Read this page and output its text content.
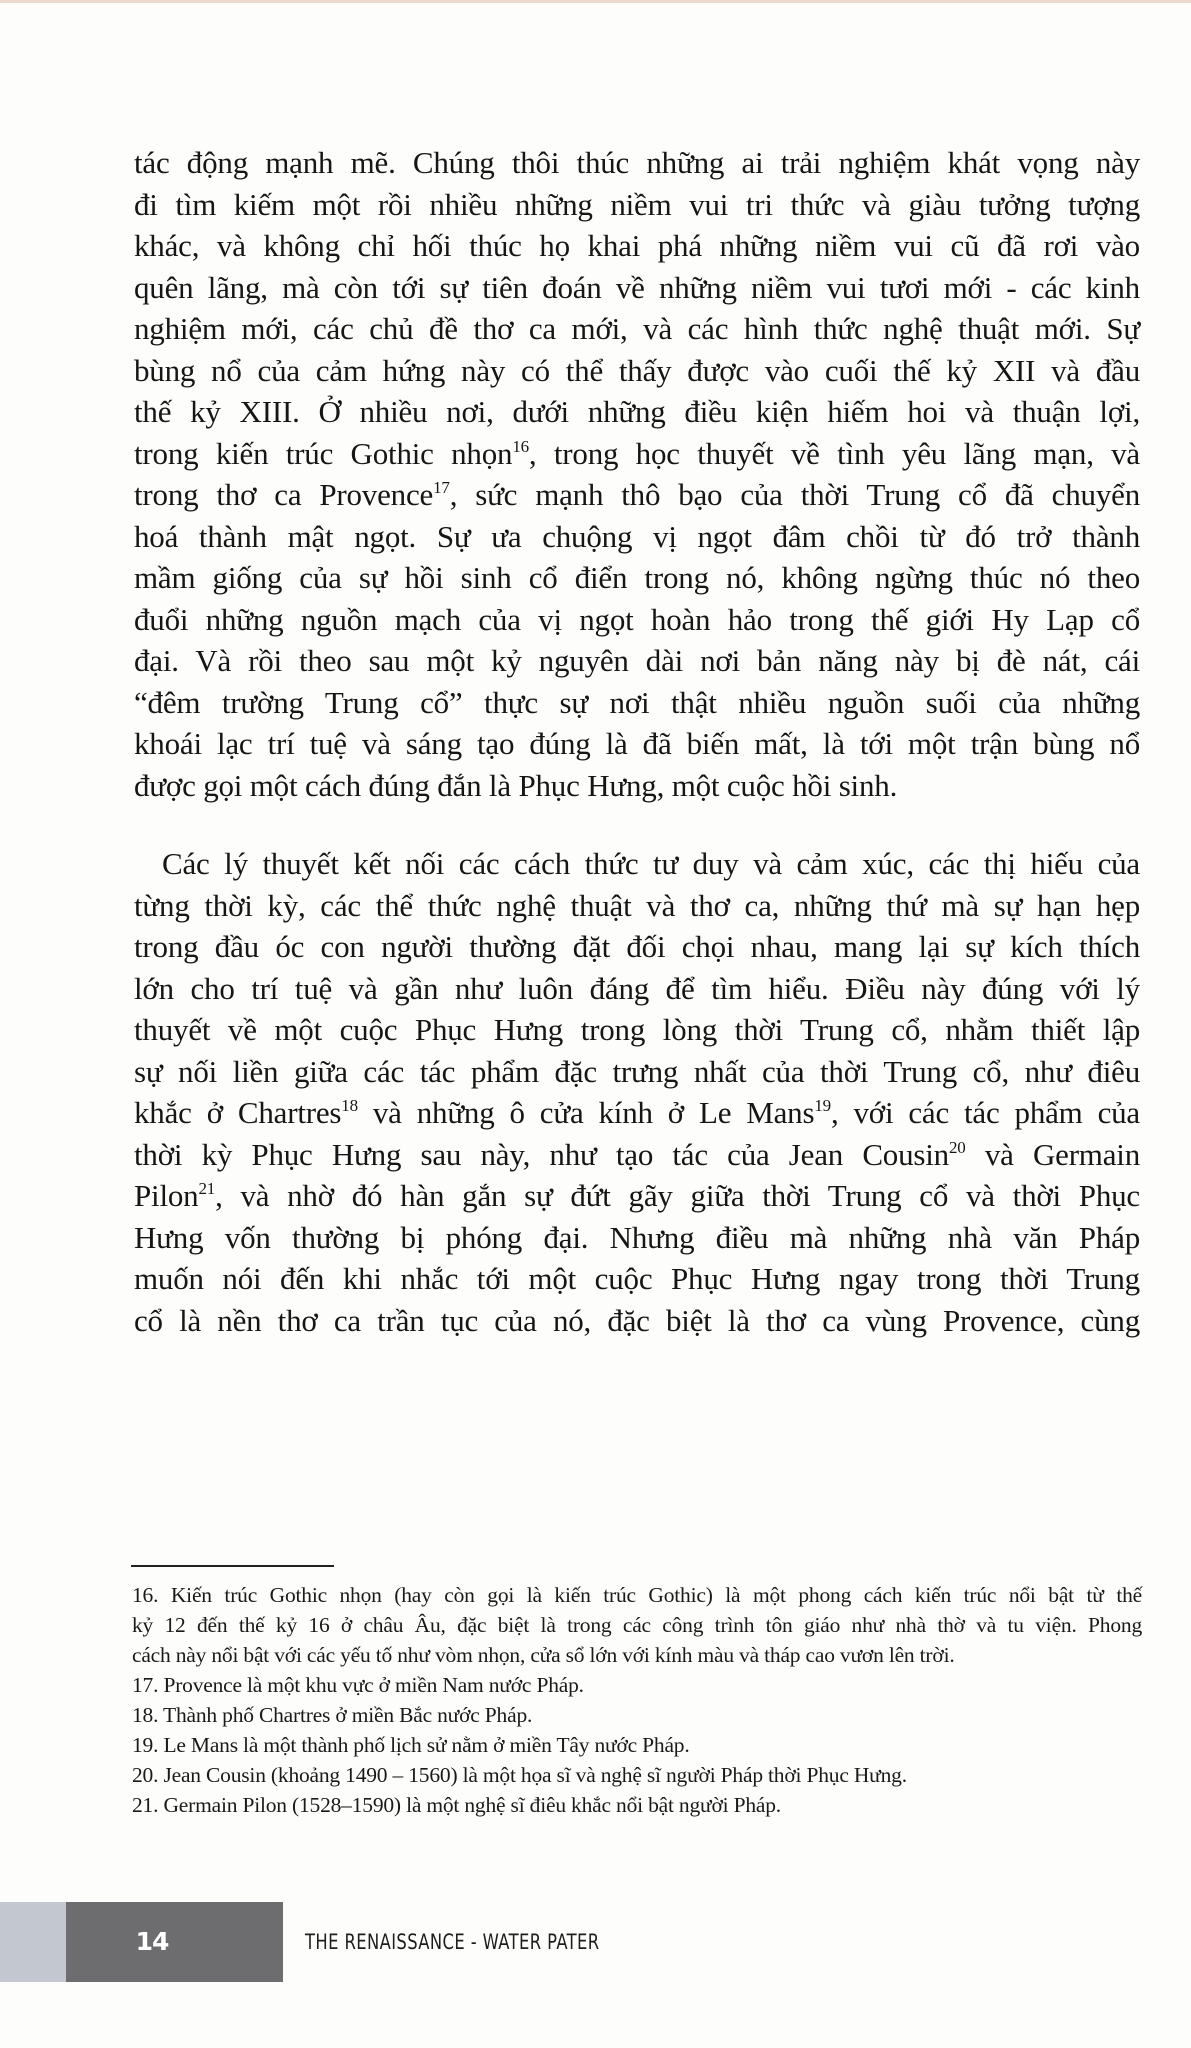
tác động mạnh mẽ. Chúng thôi thúc những ai trải nghiệm khát vọng này
đi tìm kiếm một rồi nhiều những niềm vui tri thức và giàu tưởng tượng
khác, và không chỉ hối thúc họ khai phá những niềm vui cũ đã rơi vào
quên lãng, mà còn tới sự tiên đoán về những niềm vui tươi mới - các kinh
nghiệm mới, các chủ đề thơ ca mới, và các hình thức nghệ thuật mới. Sự
bùng nổ của cảm hứng này có thể thấy được vào cuối thế kỷ XII và đầu
thế kỷ XIII. Ở nhiều nơi, dưới những điều kiện hiếm hoi và thuận lợi,
trong kiến trúc Gothic nhọn$^{16}$, trong học thuyết về tình yêu lãng mạn, và
trong thơ ca Provence$^{17}$, sức mạnh thô bạo của thời Trung cổ đã chuyển
hoá thành mật ngọt. Sự ưa chuộng vị ngọt đâm chồi từ đó trở thành
mầm giống của sự hồi sinh cổ điển trong nó, không ngừng thúc nó theo
đuổi những nguồn mạch của vị ngọt hoàn hảo trong thế giới Hy Lạp cổ
đại. Và rồi theo sau một kỷ nguyên dài nơi bản năng này bị đè nát, cái
“đêm trường Trung cổ” thực sự nơi thật nhiều nguồn suối của những
khoái lạc trí tuệ và sáng tạo đúng là đã biến mất, là tới một trận bùng nổ
được gọi một cách đúng đắn là Phục Hưng, một cuộc hồi sinh.

Các lý thuyết kết nối các cách thức tư duy và cảm xúc, các thị hiếu của
từng thời kỳ, các thể thức nghệ thuật và thơ ca, những thứ mà sự hạn hẹp
trong đầu óc con người thường đặt đối chọi nhau, mang lại sự kích thích
lớn cho trí tuệ và gần như luôn đáng để tìm hiểu. Điều này đúng với lý
thuyết về một cuộc Phục Hưng trong lòng thời Trung cổ, nhằm thiết lập
sự nối liền giữa các tác phẩm đặc trưng nhất của thời Trung cổ, như điêu
khắc ở Chartres$^{18}$ và những ô cửa kính ở Le Mans$^{19}$, với các tác phẩm của
thời kỳ Phục Hưng sau này, như tạo tác của Jean Cousin$^{20}$ và Germain
Pilon$^{21}$, và nhờ đó hàn gắn sự đứt gãy giữa thời Trung cổ và thời Phục
Hưng vốn thường bị phóng đại. Nhưng điều mà những nhà văn Pháp
muốn nói đến khi nhắc tới một cuộc Phục Hưng ngay trong thời Trung
cổ là nền thơ ca trần tục của nó, đặc biệt là thơ ca vùng Provence, cùng

16. Kiến trúc Gothic nhọn (hay còn gọi là kiến trúc Gothic) là một phong cách kiến trúc nổi bật từ thế
kỷ 12 đến thế kỷ 16 ở châu Âu, đặc biệt là trong các công trình tôn giáo như nhà thờ và tu viện. Phong
cách này nổi bật với các yếu tố như vòm nhọn, cửa sổ lớn với kính màu và tháp cao vươn lên trời.
17. Provence là một khu vực ở miền Nam nước Pháp.
18. Thành phố Chartres ở miền Bắc nước Pháp.
19. Le Mans là một thành phố lịch sử nằm ở miền Tây nước Pháp.
20. Jean Cousin (khoảng 1490 – 1560) là một họa sĩ và nghệ sĩ người Pháp thời Phục Hưng.
21. Germain Pilon (1528–1590) là một nghệ sĩ điêu khắc nổi bật người Pháp.
14	THE RENAISSANCE - WATER PATER
